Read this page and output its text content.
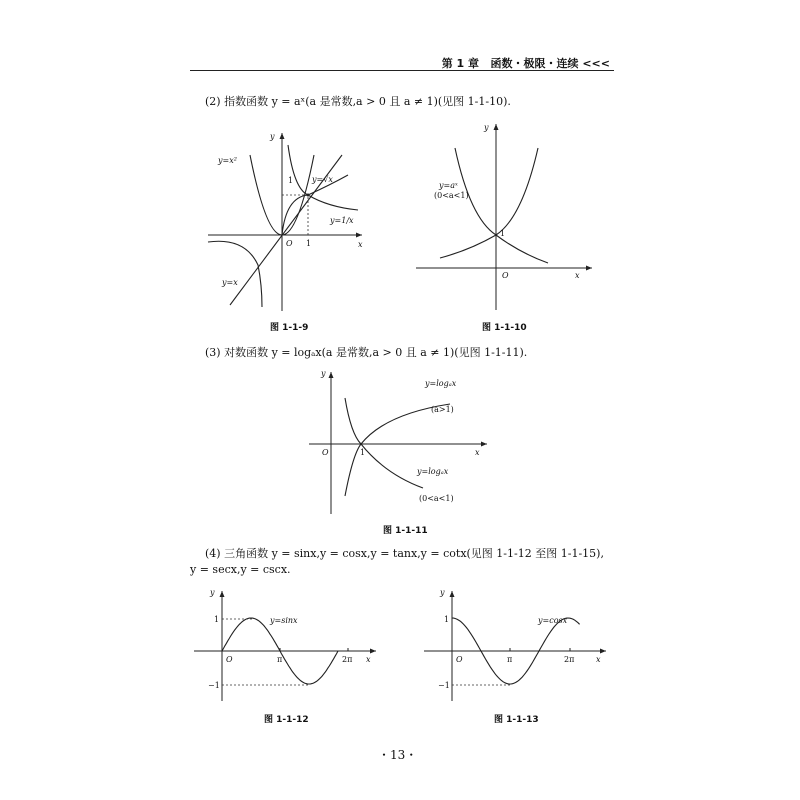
第 1 章 函数・极限・连续 <<<
(2) 指数函数 y = aˣ(a 是常数,a > 0 且 a ≠ 1)(见图 1-1-10).
y
x
O 1
1
y=x²
y=√x
y=1/x
y=x
图 1-1-9
y
x
O
1
y=aˣ
(0<a<1)
图 1-1-10
(3) 对数函数 y = logₐx(a 是常数,a > 0 且 a ≠ 1)(见图 1-1-11).
y
x
O	1
y=logₐx
(a>1)
y=logₐx
(0<a<1)
图 1-1-11
(4) 三角函数 y = sinx,y = cosx,y = tanx,y = cotx(见图 1-1-12 至图 1-1-15),
y = secx,y = cscx.
y
x
O
1
−1
π	2π
y=sinx
图 1-1-12
y
x
O
1
−1
π	2π
y=cosx
图 1-1-13
・13・
